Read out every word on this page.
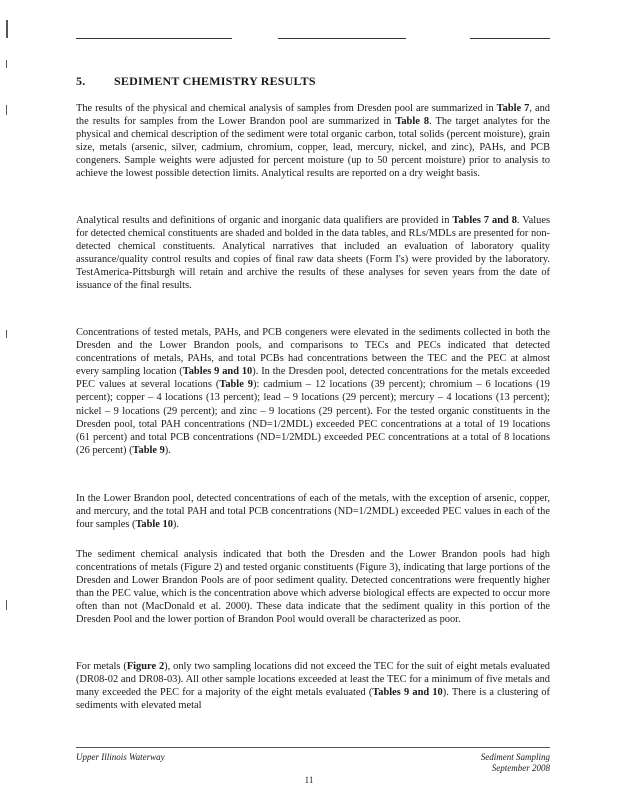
5. SEDIMENT CHEMISTRY RESULTS

The results of the physical and chemical analysis of samples from Dresden pool are summarized in Table 7, and the results for samples from the Lower Brandon pool are summarized in Table 8. The target analytes for the physical and chemical description of the sediment were total organic carbon, total solids (percent moisture), grain size, metals (arsenic, silver, cadmium, chromium, copper, lead, mercury, nickel, and zinc), PAHs, and PCB congeners. Sample weights were adjusted for percent moisture (up to 50 percent moisture) prior to analysis to achieve the lowest possible detection limits. Analytical results are reported on a dry weight basis.

Analytical results and definitions of organic and inorganic data qualifiers are provided in Tables 7 and 8. Values for detected chemical constituents are shaded and bolded in the data tables, and RLs/MDLs are presented for non-detected chemical constituents. Analytical narratives that included an evaluation of laboratory quality assurance/quality control results and copies of final raw data sheets (Form I's) were provided by the laboratory. TestAmerica-Pittsburgh will retain and archive the results of these analyses for seven years from the date of issuance of the final results.

Concentrations of tested metals, PAHs, and PCB congeners were elevated in the sediments collected in both the Dresden and the Lower Brandon pools, and comparisons to TECs and PECs indicated that detected concentrations of metals, PAHs, and total PCBs had concentrations between the TEC and the PEC at almost every sampling location (Tables 9 and 10). In the Dresden pool, detected concentrations for the metals exceeded PEC values at several locations (Table 9): cadmium – 12 locations (39 percent); chromium – 6 locations (19 percent); copper – 4 locations (13 percent); lead – 9 locations (29 percent); mercury – 4 locations (13 percent); nickel – 9 locations (29 percent); and zinc – 9 locations (29 percent). For the tested organic constituents in the Dresden pool, total PAH concentrations (ND=1/2MDL) exceeded PEC concentrations at a total of 19 locations (61 percent) and total PCB concentrations (ND=1/2MDL) exceeded PEC concentrations at a total of 8 locations (26 percent) (Table 9).

In the Lower Brandon pool, detected concentrations of each of the metals, with the exception of arsenic, copper, and mercury, and the total PAH and total PCB concentrations (ND=1/2MDL) exceeded PEC values in each of the four samples (Table 10).

The sediment chemical analysis indicated that both the Dresden and the Lower Brandon pools had high concentrations of metals (Figure 2) and tested organic constituents (Figure 3), indicating that large portions of the Dresden and Lower Brandon Pools are of poor sediment quality. Detected concentrations were frequently higher than the PEC value, which is the concentration above which adverse biological effects are expected to occur more often than not (MacDonald et al. 2000). These data indicate that the sediment quality in this portion of the Dresden Pool and the lower portion of Brandon Pool would overall be characterized as poor.

For metals (Figure 2), only two sampling locations did not exceed the TEC for the suit of eight metals evaluated (DR08-02 and DR08-03). All other sample locations exceeded at least the TEC for a minimum of five metals and many exceeded the PEC for a majority of the eight metals evaluated (Tables 9 and 10). There is a clustering of sediments with elevated metal

Upper Illinois Waterway	Sediment Sampling
September 2008
11
